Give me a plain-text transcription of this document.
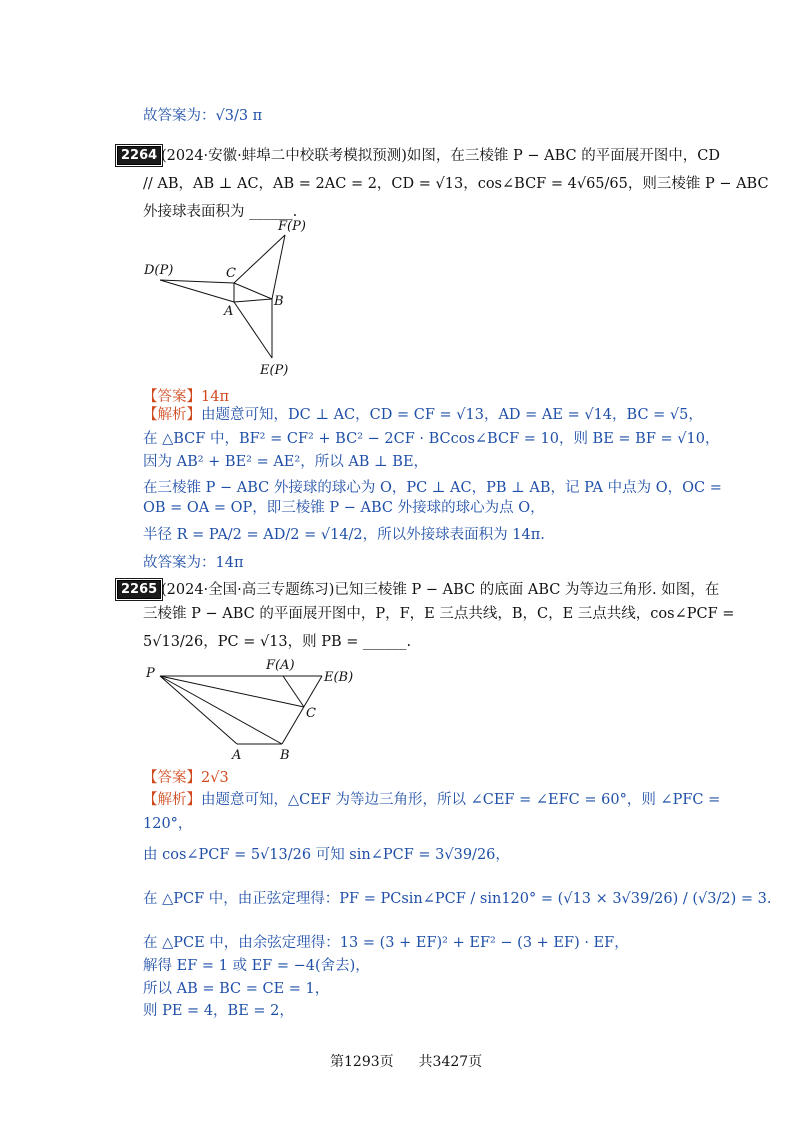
故答案为：√3/3 π
2264 (2024·安徽·蚌埠二中校联考模拟预测)如图，在三棱锥 P − ABC 的平面展开图中，CD
// AB，AB ⊥ AC，AB = 2AC = 2，CD = √13，cos∠BCF = 4√65/65，则三棱锥 P − ABC
外接球表面积为 ______.
F(P)
D(P)	C
B
A
E(P)
【答案】14π
【解析】由题意可知，DC ⊥ AC，CD = CF = √13，AD = AE = √14，BC = √5，
在 △BCF 中，BF² = CF² + BC² − 2CF · BCcos∠BCF = 10，则 BE = BF = √10，
因为 AB² + BE² = AE²，所以 AB ⊥ BE，
在三棱锥 P − ABC 外接球的球心为 O，PC ⊥ AC，PB ⊥ AB，记 PA 中点为 O，OC =
OB = OA = OP，即三棱锥 P − ABC 外接球的球心为点 O，
半径 R = PA/2 = AD/2 = √14/2，所以外接球表面积为 14π.
故答案为：14π
2265 (2024·全国·高三专题练习)已知三棱锥 P − ABC 的底面 ABC 为等边三角形. 如图，在
三棱锥 P − ABC 的平面展开图中，P，F，E 三点共线，B，C，E 三点共线，cos∠PCF =
5√13/26，PC = √13，则 PB = ______.
P
F(A)
E(B)
C
A	B
【答案】2√3
【解析】由题意可知，△CEF 为等边三角形，所以 ∠CEF = ∠EFC = 60°，则 ∠PFC =
120°，
由 cos∠PCF = 5√13/26 可知 sin∠PCF = 3√39/26，
在 △PCF 中，由正弦定理得：PF = PCsin∠PCF / sin120° = (√13 × 3√39/26) / (√3/2) = 3.
在 △PCE 中，由余弦定理得：13 = (3 + EF)² + EF² − (3 + EF) · EF，
解得 EF = 1 或 EF = −4(舍去)，
所以 AB = BC = CE = 1，
则 PE = 4，BE = 2，
第1293页 共3427页
